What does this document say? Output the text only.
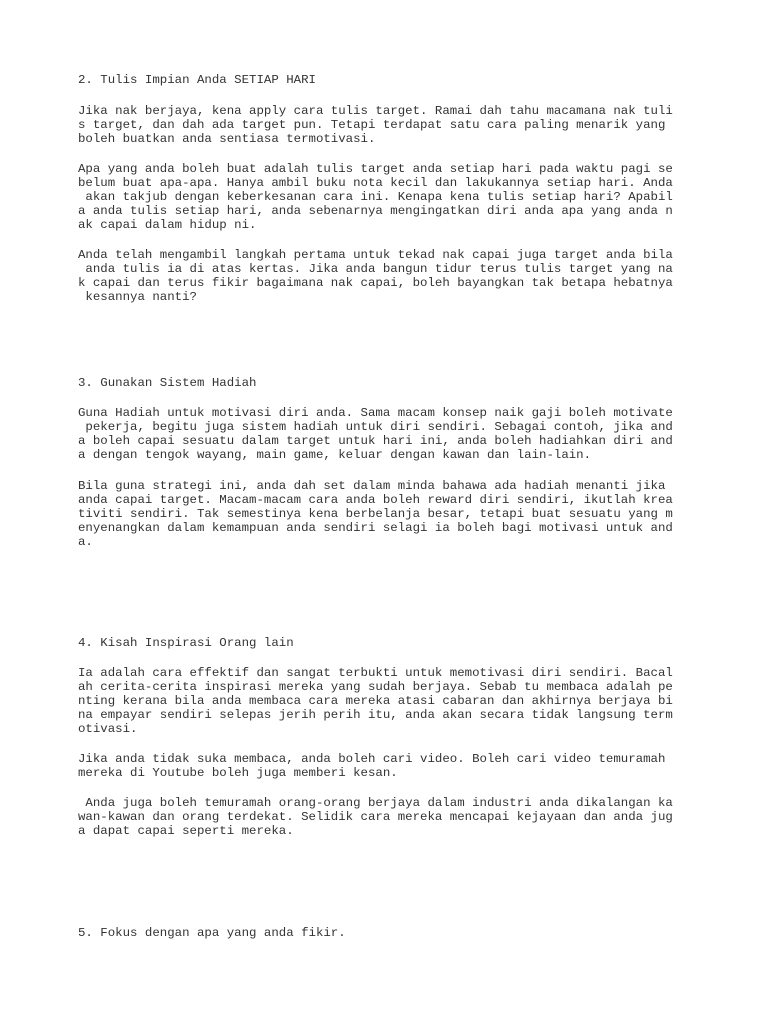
2. Tulis Impian Anda SETIAP HARI

Jika nak berjaya, kena apply cara tulis target. Ramai dah tahu macamana nak tuli

s target, dan dah ada target pun. Tetapi terdapat satu cara paling menarik yang

boleh buatkan anda sentiasa termotivasi.

Apa yang anda boleh buat adalah tulis target anda setiap hari pada waktu pagi se

belum buat apa-apa. Hanya ambil buku nota kecil dan lakukannya setiap hari. Anda

akan takjub dengan keberkesanan cara ini. Kenapa kena tulis setiap hari? Apabil

a anda tulis setiap hari, anda sebenarnya mengingatkan diri anda apa yang anda n

ak capai dalam hidup ni.

Anda telah mengambil langkah pertama untuk tekad nak capai juga target anda bila

anda tulis ia di atas kertas. Jika anda bangun tidur terus tulis target yang na

k capai dan terus fikir bagaimana nak capai, boleh bayangkan tak betapa hebatnya

kesannya nanti?

3. Gunakan Sistem Hadiah

Guna Hadiah untuk motivasi diri anda. Sama macam konsep naik gaji boleh motivate

pekerja, begitu juga sistem hadiah untuk diri sendiri. Sebagai contoh, jika and

a boleh capai sesuatu dalam target untuk hari ini, anda boleh hadiahkan diri and

a dengan tengok wayang, main game, keluar dengan kawan dan lain-lain.

Bila guna strategi ini, anda dah set dalam minda bahawa ada hadiah menanti jika

anda capai target. Macam-macam cara anda boleh reward diri sendiri, ikutlah krea

tiviti sendiri. Tak semestinya kena berbelanja besar, tetapi buat sesuatu yang m

enyenangkan dalam kemampuan anda sendiri selagi ia boleh bagi motivasi untuk and

a.

4. Kisah Inspirasi Orang lain

Ia adalah cara effektif dan sangat terbukti untuk memotivasi diri sendiri. Bacal

ah cerita-cerita inspirasi mereka yang sudah berjaya. Sebab tu membaca adalah pe

nting kerana bila anda membaca cara mereka atasi cabaran dan akhirnya berjaya bi

na empayar sendiri selepas jerih perih itu, anda akan secara tidak langsung term

otivasi.

Jika anda tidak suka membaca, anda boleh cari video. Boleh cari video temuramah

mereka di Youtube boleh juga memberi kesan.

Anda juga boleh temuramah orang-orang berjaya dalam industri anda dikalangan ka

wan-kawan dan orang terdekat. Selidik cara mereka mencapai kejayaan dan anda jug

a dapat capai seperti mereka.

5. Fokus dengan apa yang anda fikir.
